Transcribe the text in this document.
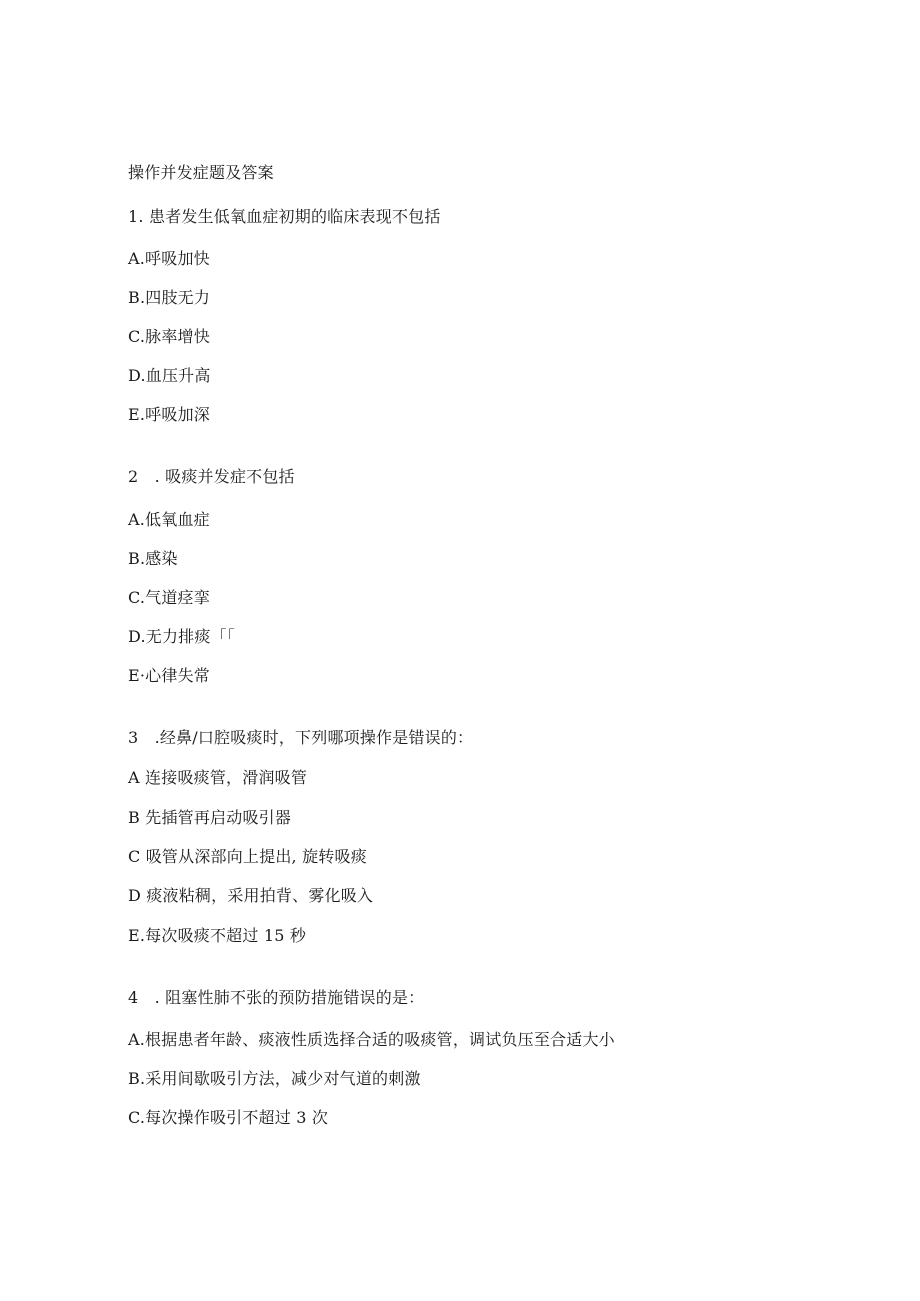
操作并发症题及答案
1. 患者发生低氧血症初期的临床表现不包括
A.呼吸加快
B.四肢无力
C.脉率增快
D.血压升高
E.呼吸加深
2　. 吸痰并发症不包括
A.低氧血症
B.感染
C.气道痉挛
D.无力排痰「「
E·心律失常
3　.经鼻/口腔吸痰时，下列哪项操作是错误的：
A 连接吸痰管，滑润吸管
B 先插管再启动吸引器
C 吸管从深部向上提出, 旋转吸痰
D 痰液粘稠，采用拍背、雾化吸入
E.每次吸痰不超过 15 秒
4　. 阻塞性肺不张的预防措施错误的是：
A.根据患者年龄、痰液性质选择合适的吸痰管，调试负压至合适大小
B.采用间歇吸引方法，减少对气道的刺激
C.每次操作吸引不超过 3 次
